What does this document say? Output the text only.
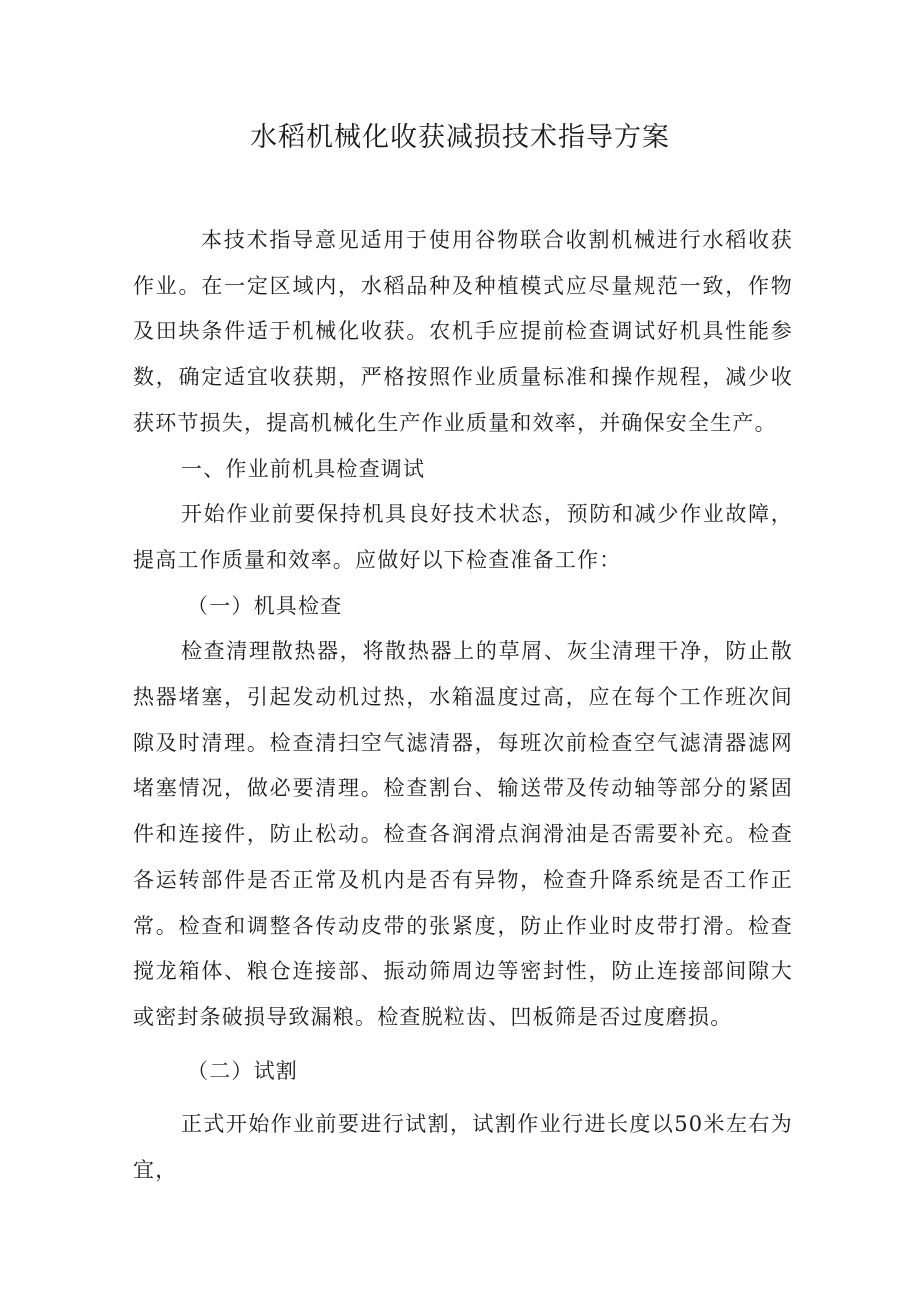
水稻机械化收获减损技术指导方案

本技术指导意见适用于使用谷物联合收割机械进行水稻收获作业。在一定区域内，水稻品种及种植模式应尽量规范一致，作物及田块条件适于机械化收获。农机手应提前检查调试好机具性能参数，确定适宜收获期，严格按照作业质量标准和操作规程，减少收获环节损失，提高机械化生产作业质量和效率，并确保安全生产。

一、作业前机具检查调试

开始作业前要保持机具良好技术状态，预防和减少作业故障，提高工作质量和效率。应做好以下检查准备工作：

（一）机具检查

检查清理散热器，将散热器上的草屑、灰尘清理干净，防止散热器堵塞，引起发动机过热，水箱温度过高，应在每个工作班次间隙及时清理。检查清扫空气滤清器，每班次前检查空气滤清器滤网堵塞情况，做必要清理。检查割台、输送带及传动轴等部分的紧固件和连接件，防止松动。检查各润滑点润滑油是否需要补充。检查各运转部件是否正常及机内是否有异物，检查升降系统是否工作正常。检查和调整各传动皮带的张紧度，防止作业时皮带打滑。检查搅龙箱体、粮仓连接部、振动筛周边等密封性，防止连接部间隙大或密封条破损导致漏粮。检查脱粒齿、凹板筛是否过度磨损。

（二）试割

正式开始作业前要进行试割，试割作业行进长度以50米左右为宜，
